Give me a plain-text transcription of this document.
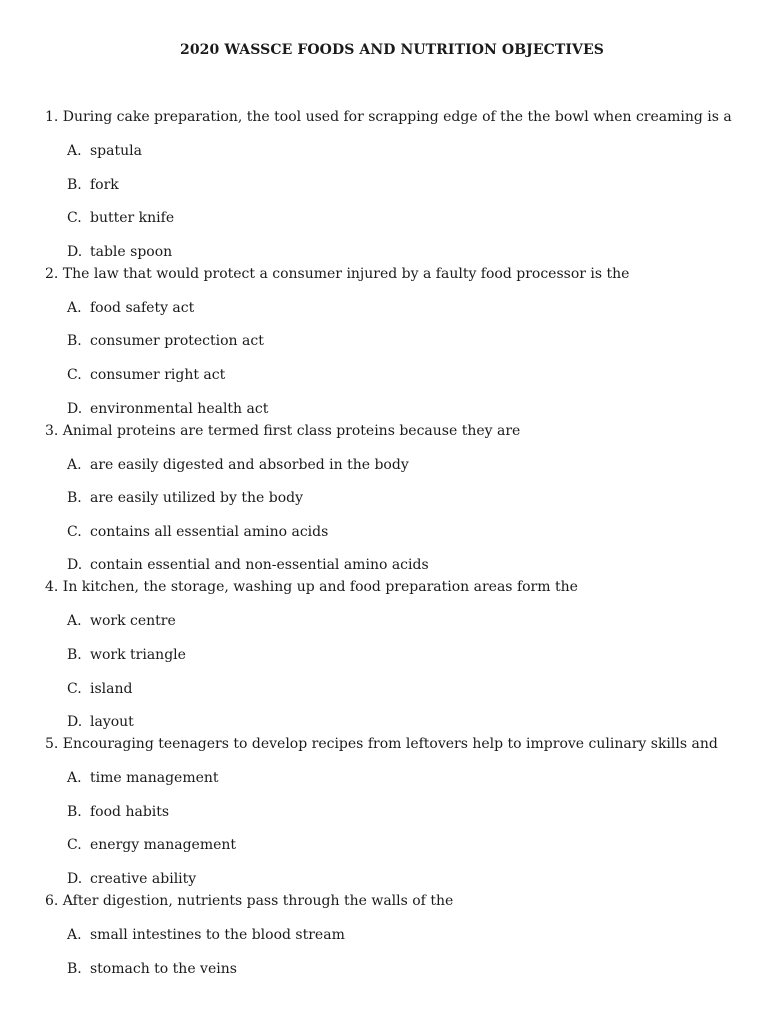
2020 WASSCE FOODS AND NUTRITION OBJECTIVES
1. During cake preparation, the tool used for scrapping edge of the the bowl when creaming is a
A. spatula
B. fork
C. butter knife
D. table spoon
2. The law that would protect a consumer injured by a faulty food processor is the
A. food safety act
B. consumer protection act
C. consumer right act
D. environmental health act
3. Animal proteins are termed first class proteins because they are
A. are easily digested and absorbed in the body
B. are easily utilized by the body
C. contains all essential amino acids
D. contain essential and non-essential amino acids
4. In kitchen, the storage, washing up and food preparation areas form the
A. work centre
B. work triangle
C. island
D. layout
5. Encouraging teenagers to develop recipes from leftovers help to improve culinary skills and
A. time management
B. food habits
C. energy management
D. creative ability
6. After digestion, nutrients pass through the walls of the
A. small intestines to the blood stream
B. stomach to the veins
